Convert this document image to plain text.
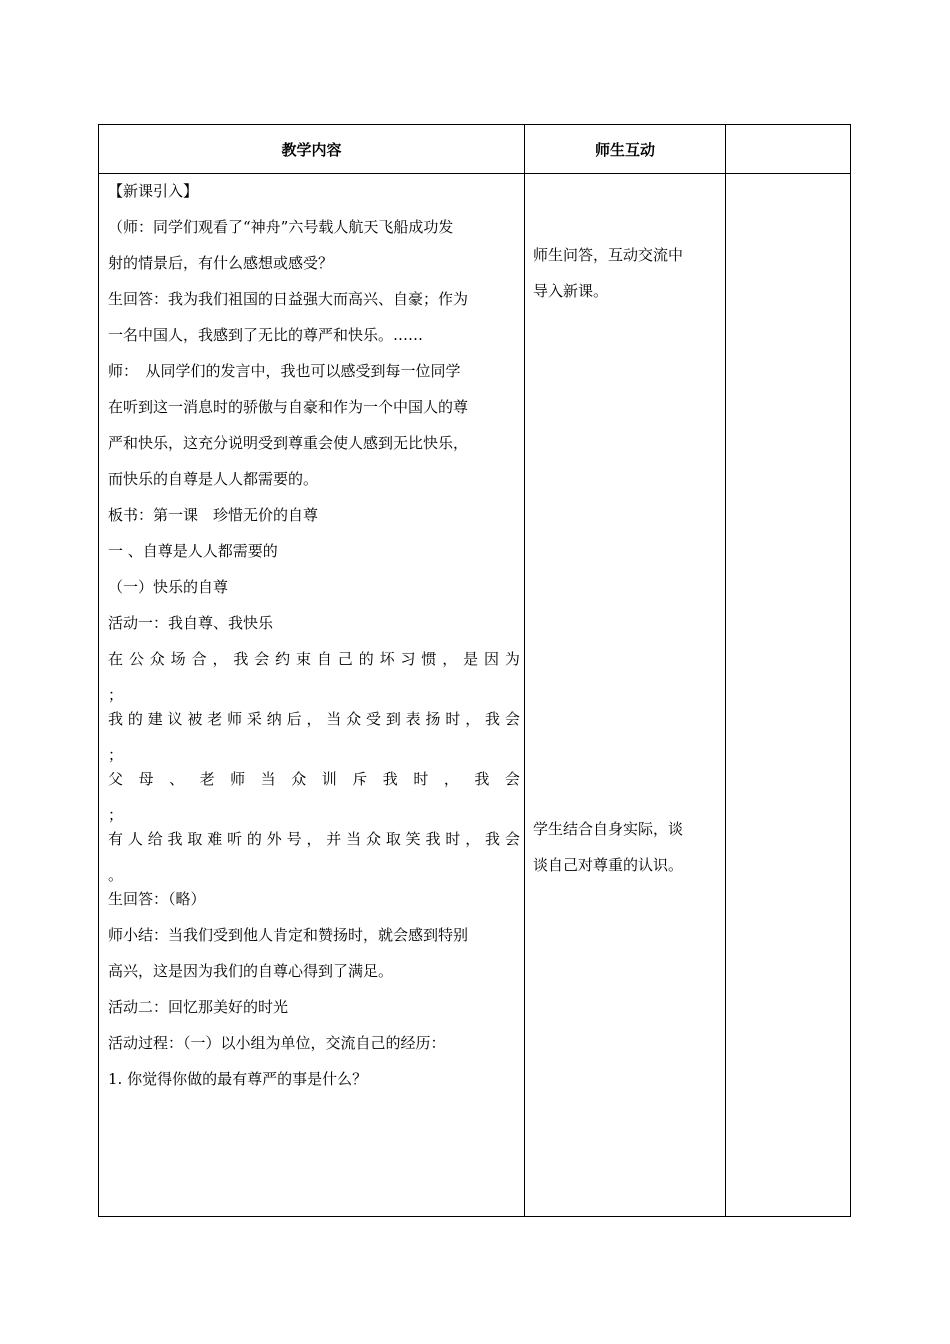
教学内容	师生互动
【新课引入】
（师：同学们观看了“神舟”六号载人航天飞船成功发
射的情景后，有什么感想或感受？
生回答：我为我们祖国的日益强大而高兴、自豪；作为
一名中国人，我感到了无比的尊严和快乐。……
师：　从同学们的发言中，我也可以感受到每一位同学
在听到这一消息时的骄傲与自豪和作为一个中国人的尊
严和快乐，这充分说明受到尊重会使人感到无比快乐，
而快乐的自尊是人人都需要的。
板书：第一课　珍惜无价的自尊
一 、自尊是人人都需要的
（一）快乐的自尊
活动一：我自尊、我快乐
在 公 众 场 合 ， 我 会 约 束 自 己 的 坏 习 惯 ， 是 因 为
；
我 的 建 议 被 老 师 采 纳 后 ， 当 众 受 到 表 扬 时 ， 我 会
；
父 母 、 老 师 当 众 训 斥 我 时 ， 我 会
；
有 人 给 我 取 难 听 的 外 号 ， 并 当 众 取 笑 我 时 ， 我 会
。
生回答：（略）
师小结：当我们受到他人肯定和赞扬时，就会感到特别
高兴，这是因为我们的自尊心得到了满足。
活动二：回忆那美好的时光
活动过程：（一）以小组为单位，交流自己的经历：
1. 你觉得你做的最有尊严的事是什么？
师生问答，互动交流中
导入新课。
学生结合自身实际，谈
谈自己对尊重的认识。
